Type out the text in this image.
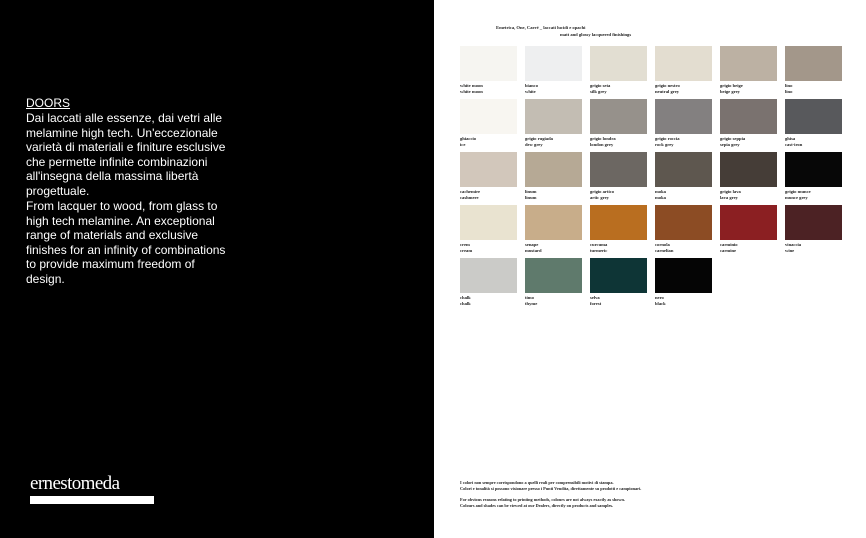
DOORS

Dai laccati alle essenze, dai vetri alle melamine high tech. Un'eccezionale varietà di materiali e finiture esclusive che permette infinite combinazioni all'insegna della massima libertà progettuale.

From lacquer to wood, from glass to high tech melamine. An exceptional range of materials and exclusive finishes for an infinity of combinations to provide maximum freedom of design.

ernestomeda
Emetrica, One, Carré _ laccati lucidi e opachi
matt and glossy lacquered finishings
white moon
white moon
bianco
white
grigio seta
silk grey
grigio nestro
neutral grey
grigio beige
beige grey
lino
lino
ghiaccio
ice
grigio rugiada
dew grey
grigio londra
london grey
grigio roccia
rock grey
grigio seppia
sepia grey
ghisa
cast-iron
cachemire
cashmere
linum
linum
grigio artico
artic grey
moka
moka
grigio lava
lava grey
grigio munce
munce grey
crem
cream
senape
mustard
curcuma
turmeric
cornola
carnelian
carminio
carmine
vinaccia
wine
chalk
chalk
timo
thyme
selva
forest
nero
black

I colori non sempre corrispondono a quelli reali per comprensibili motivi di stampa.

Colori e tonalità si possono visionare presso i Punti Vendita, direttamente su prodotti e campionari.

For obvious reasons relating to printing methods, colours are not always exactly as shown.

Colours and shades can be viewed at our Dealers, directly on products and samples.
